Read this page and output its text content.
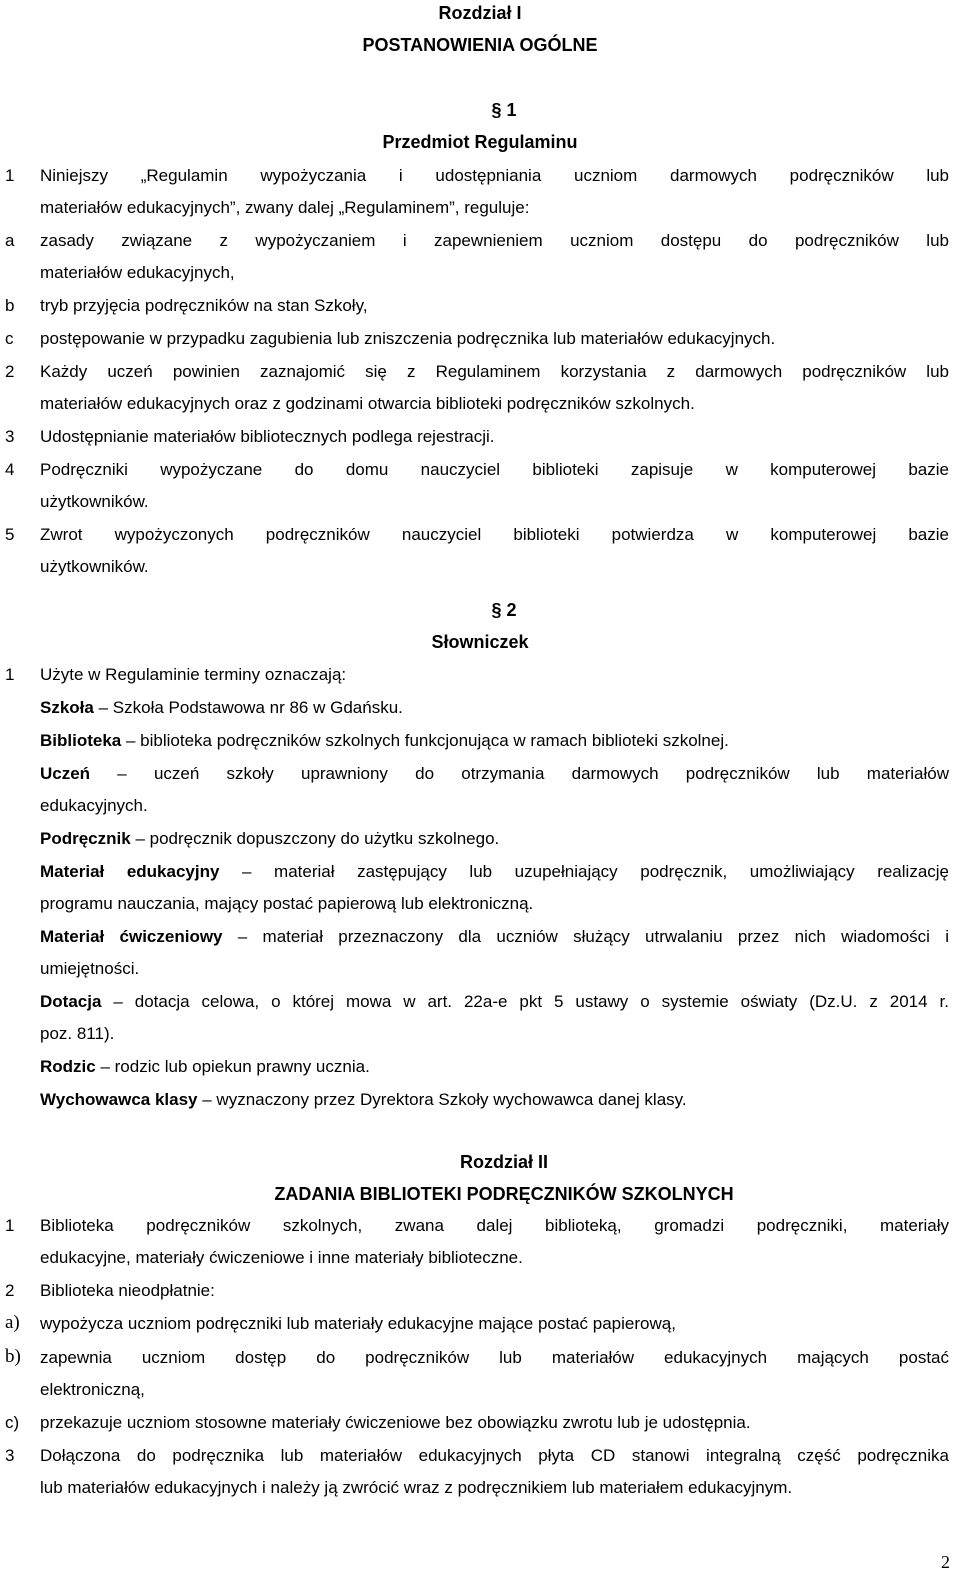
Rozdział I
POSTANOWIENIA OGÓLNE
§ 1
Przedmiot Regulaminu
1 Niniejszy „Regulamin wypożyczania i udostępniania uczniom darmowych podręczników lub
materiałów edukacyjnych”, zwany dalej „Regulaminem”, reguluje:
a zasady związane z wypożyczaniem i zapewnieniem uczniom dostępu do podręczników lub
materiałów edukacyjnych,
b tryb przyjęcia podręczników na stan Szkoły,
c postępowanie w przypadku zagubienia lub zniszczenia podręcznika lub materiałów edukacyjnych.
2 Każdy uczeń powinien zaznajomić się z Regulaminem korzystania z darmowych podręczników lub
materiałów edukacyjnych oraz z godzinami otwarcia biblioteki podręczników szkolnych.
3 Udostępnianie materiałów bibliotecznych podlega rejestracji.
4 Podręczniki wypożyczane do domu nauczyciel biblioteki zapisuje w komputerowej bazie
użytkowników.
5 Zwrot wypożyczonych podręczników nauczyciel biblioteki potwierdza w komputerowej bazie
użytkowników.
§ 2
Słowniczek
1 Użyte w Regulaminie terminy oznaczają:
Szkoła – Szkoła Podstawowa nr 86 w Gdańsku.
Biblioteka – biblioteka podręczników szkolnych funkcjonująca w ramach biblioteki szkolnej.
Uczeń – uczeń szkoły uprawniony do otrzymania darmowych podręczników lub materiałów
edukacyjnych.
Podręcznik – podręcznik dopuszczony do użytku szkolnego.
Materiał edukacyjny – materiał zastępujący lub uzupełniający podręcznik, umożliwiający realizację
programu nauczania, mający postać papierową lub elektroniczną.
Materiał ćwiczeniowy – materiał przeznaczony dla uczniów służący utrwalaniu przez nich wiadomości i
umiejętności.
Dotacja – dotacja celowa, o której mowa w art. 22a-e pkt 5 ustawy o systemie oświaty (Dz.U. z 2014 r.
poz. 811).
Rodzic – rodzic lub opiekun prawny ucznia.
Wychowawca klasy – wyznaczony przez Dyrektora Szkoły wychowawca danej klasy.
Rozdział II
ZADANIA BIBLIOTEKI PODRĘCZNIKÓW SZKOLNYCH
1 Biblioteka podręczników szkolnych, zwana dalej biblioteką, gromadzi podręczniki, materiały
edukacyjne, materiały ćwiczeniowe i inne materiały biblioteczne.
2 Biblioteka nieodpłatnie:
a) wypożycza uczniom podręczniki lub materiały edukacyjne mające postać papierową,
b) zapewnia uczniom dostęp do podręczników lub materiałów edukacyjnych mających postać
elektroniczną,
c) przekazuje uczniom stosowne materiały ćwiczeniowe bez obowiązku zwrotu lub je udostępnia.
3 Dołączona do podręcznika lub materiałów edukacyjnych płyta CD stanowi integralną część podręcznika
lub materiałów edukacyjnych i należy ją zwrócić wraz z podręcznikiem lub materiałem edukacyjnym.
2
